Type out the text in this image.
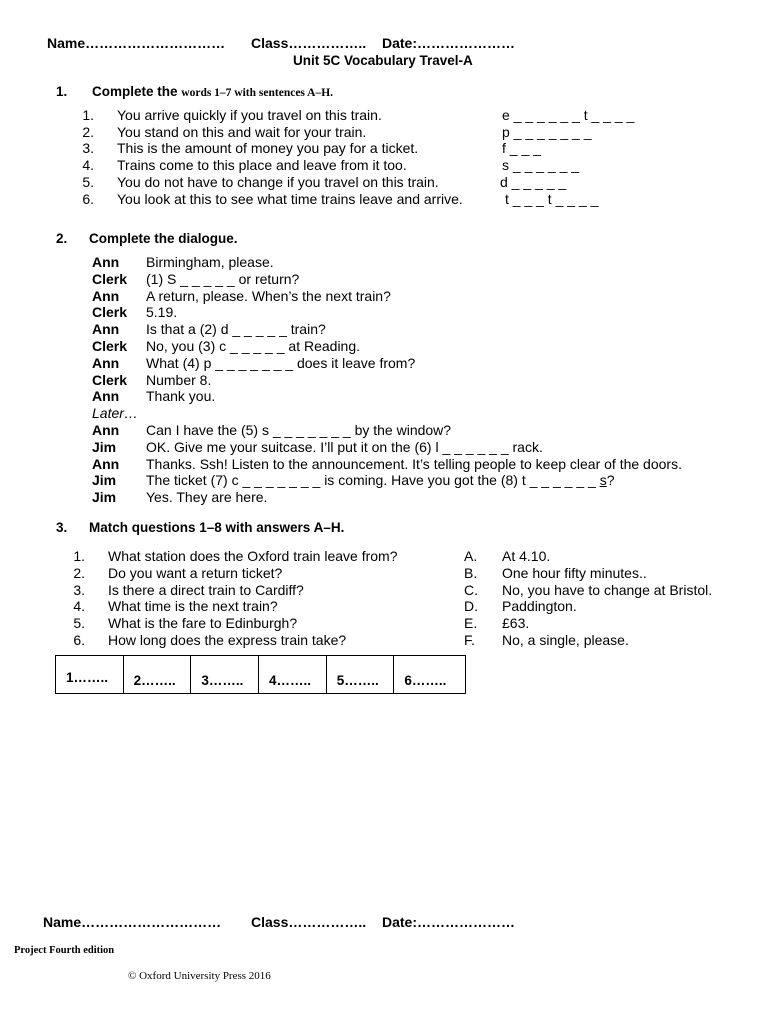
Name………………………… Class…………….. Date:…………………
Unit 5C Vocabulary Travel-A
1. Complete the words 1–7 with sentences A–H.
1. You arrive quickly if you travel on this train.	e _ _ _ _ _ _ t _ _ _ _
2. You stand on this and wait for your train.	p _ _ _ _ _ _ _
3. This is the amount of money you pay for a ticket.	f _ _ _
4. Trains come to this place and leave from it too.	s _ _ _ _ _ _
5. You do not have to change if you travel on this train.	d _ _ _ _ _
6. You look at this to see what time trains leave and arrive.	t _ _ _ t _ _ _ _
2. Complete the dialogue.
Ann Birmingham, please.
Clerk (1) S _ _ _ _ _ or return?
Ann A return, please. When’s the next train?
Clerk 5.19.
Ann Is that a (2) d _ _ _ _ _ train?
Clerk No, you (3) c _ _ _ _ _ at Reading.
Ann What (4) p _ _ _ _ _ _ _ does it leave from?
Clerk Number 8.
Ann Thank you.
Later…
Ann Can I have the (5) s _ _ _ _ _ _ _ by the window?
Jim OK. Give me your suitcase. I’ll put it on the (6) l _ _ _ _ _ _ rack.
Ann Thanks. Ssh! Listen to the announcement. It’s telling people to keep clear of the doors.
Jim The ticket (7) c _ _ _ _ _ _ _ is coming. Have you got the (8) t _ _ _ _ _ _ s?
Jim Yes. They are here.
3. Match questions 1–8 with answers A–H.
1. What station does the Oxford train leave from?	A. At 4.10.
2. Do you want a return ticket?	B. One hour fifty minutes..
3. Is there a direct train to Cardiff?	C. No, you have to change at Bristol.
4. What time is the next train?	D. Paddington.
5. What is the fare to Edinburgh?	E. £63.
6. How long does the express train take?	F. No, a single, please.
1……..	2……..	3……..	4……..	5……..	6……..
Name………………………… Class…………….. Date:…………………
Project Fourth edition
© Oxford University Press 2016
